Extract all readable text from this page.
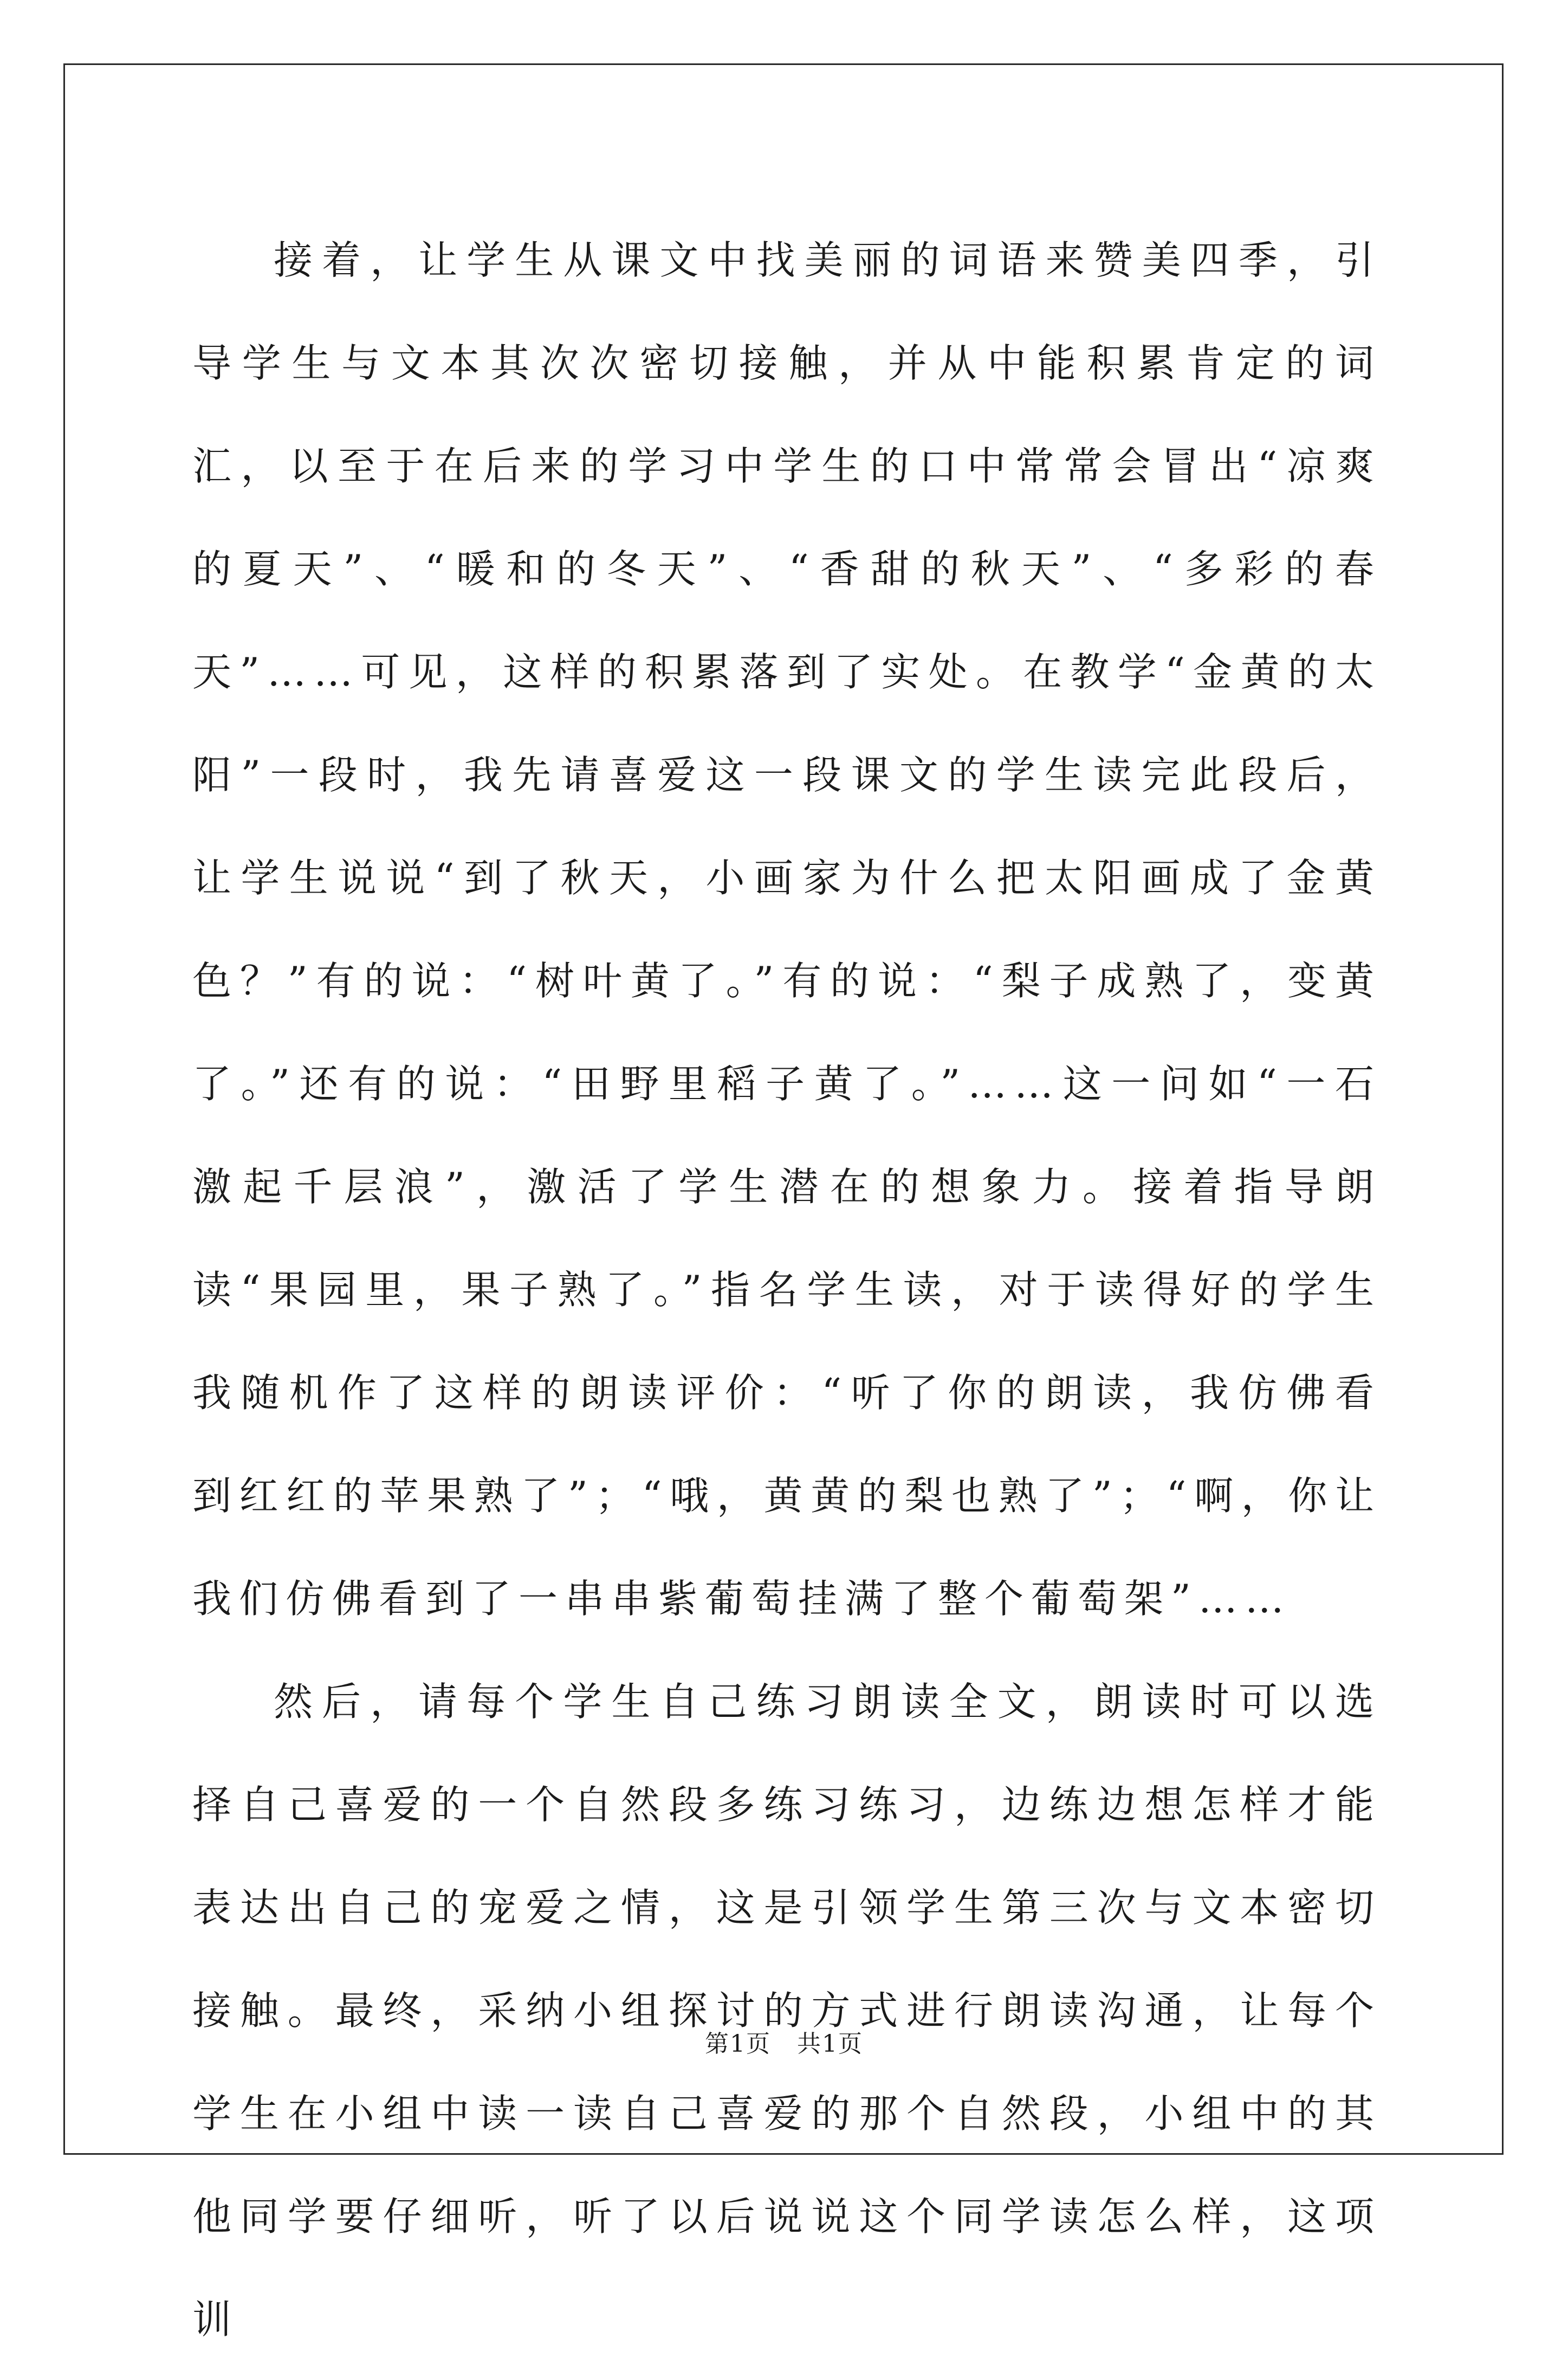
接着，让学生从课文中找美丽的词语来赞美四季，引导学生与文本其次次密切接触，并从中能积累肯定的词汇，以至于在后来的学习中学生的口中常常会冒出“凉爽的夏天”、“暖和的冬天”、“香甜的秋天”、“多彩的春天”……可见，这样的积累落到了实处。在教学“金黄的太阳”一段时，我先请喜爱这一段课文的学生读完此段后，让学生说说“到了秋天，小画家为什么把太阳画成了金黄色？”有的说：“树叶黄了。”有的说：“梨子成熟了，变黄了。”还有的说：“田野里稻子黄了。”……这一问如“一石激起千层浪”，激活了学生潜在的想象力。接着指导朗读“果园里，果子熟了。”指名学生读，对于读得好的学生我随机作了这样的朗读评价：“听了你的朗读，我仿佛看到红红的苹果熟了”；“哦，黄黄的梨也熟了”；“啊，你让我们仿佛看到了一串串紫葡萄挂满了整个葡萄架”……

然后，请每个学生自己练习朗读全文，朗读时可以选择自己喜爱的一个自然段多练习练习，边练边想怎样才能表达出自己的宠爱之情，这是引领学生第三次与文本密切接触。最终，采纳小组探讨的方式进行朗读沟通，让每个学生在小组中读一读自己喜爱的那个自然段，小组中的其他同学要仔细听，听了以后说说这个同学读怎么样，这项训

第1页 共1页
